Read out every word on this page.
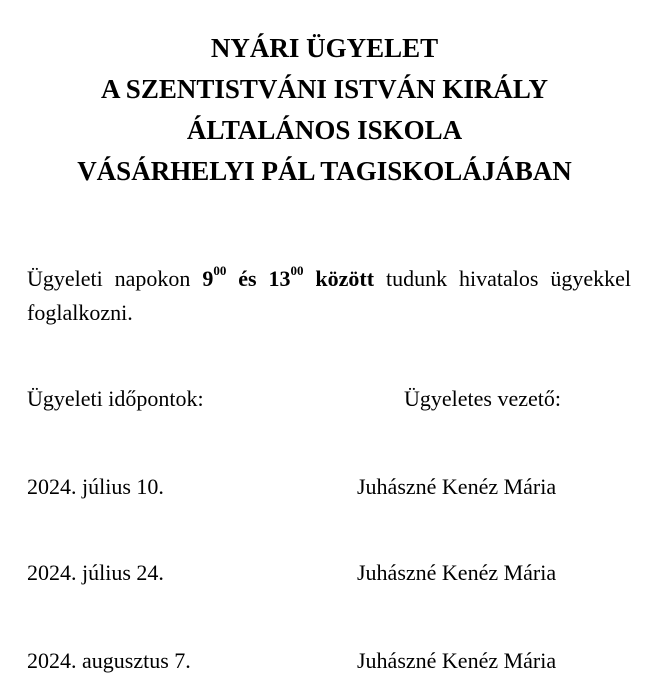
NYÁRI ÜGYELET
A SZENTISTVÁNI ISTVÁN KIRÁLY
ÁLTALÁNOS ISKOLA
VÁSÁRHELYI PÁL TAGISKOLÁJÁBAN

Ügyeleti napokon $9^{00}$ és $13^{00}$ között tudunk hivatalos ügyekkel foglalkozni.

Ügyeleti időpontok:	Ügyeletes vezető:
2024. július 10.	Juhászné Kenéz Mária
2024. július 24.	Juhászné Kenéz Mária
2024. augusztus 7.	Juhászné Kenéz Mária
